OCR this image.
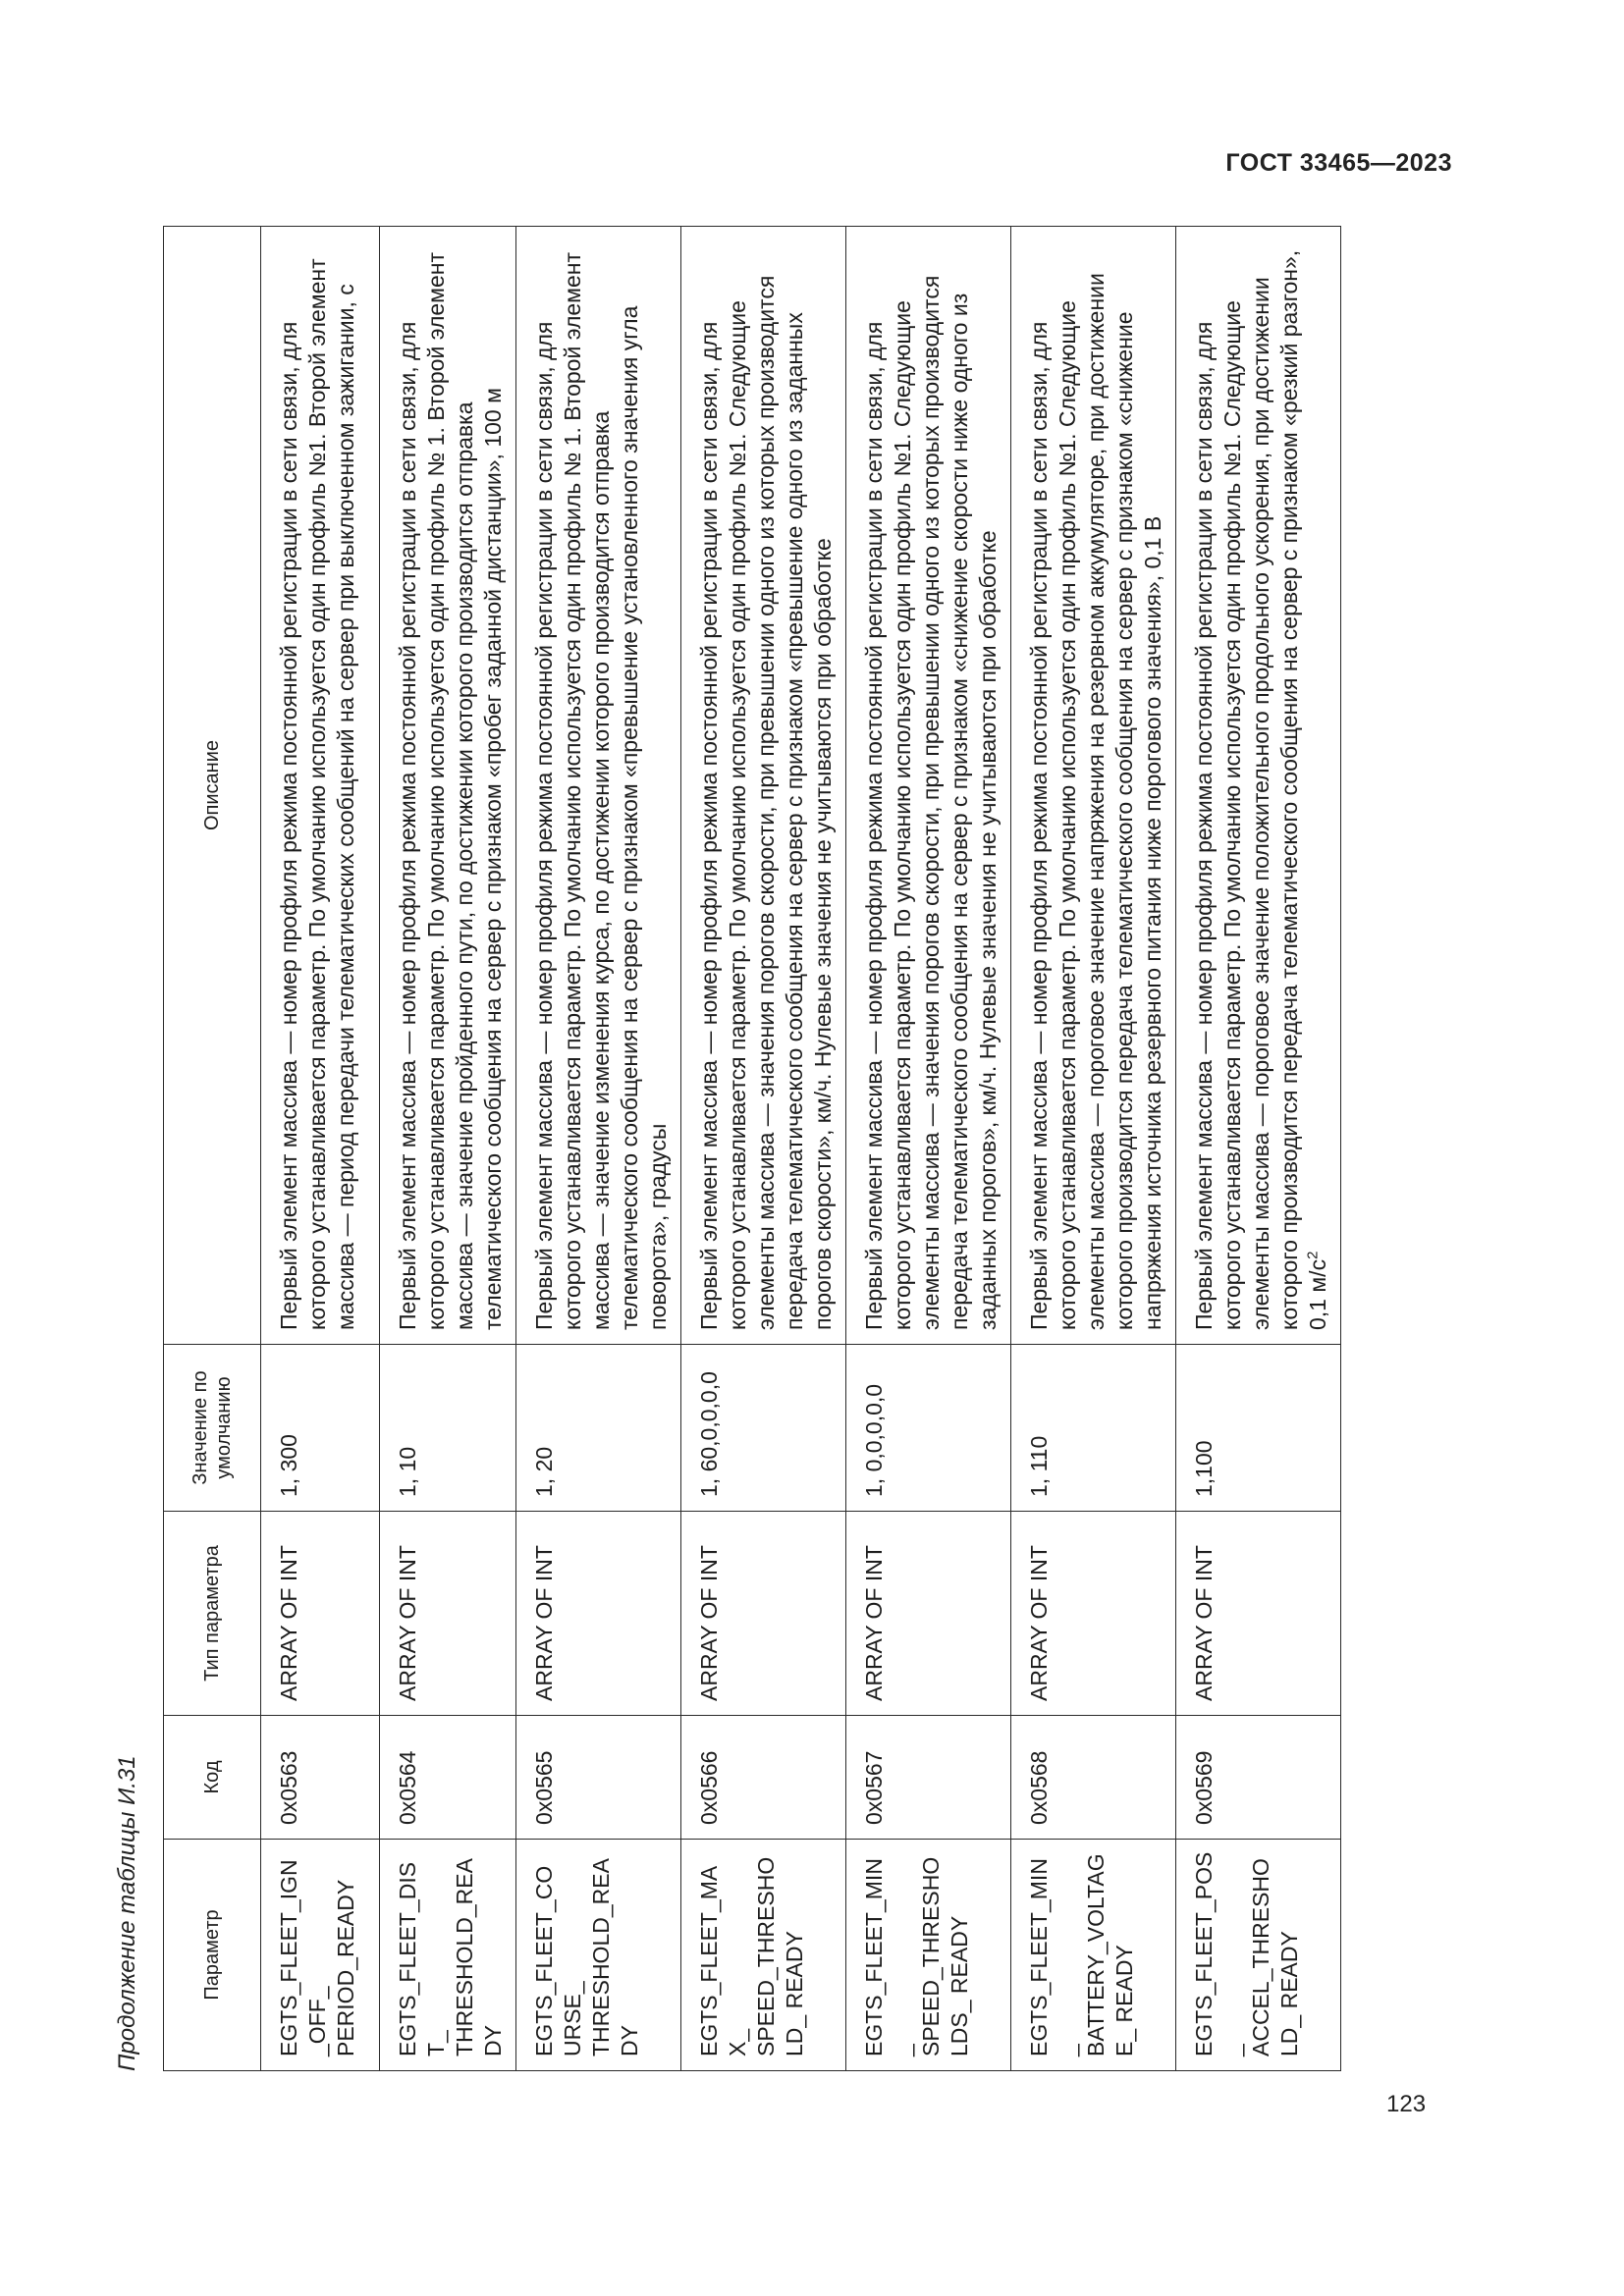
ГОСТ 33465—2023
Продолжение таблицы И.31	Параметр	Код	Тип параметра	Значение по умолчанию	Описание
EGTS_FLEET_IGN_OFF_ PERIOD_READY	0x0563	ARRAY OF INT	1, 300	Первый элемент массива — номер профиля режима постоянной регистрации в сети связи, для которого устанавливается параметр. По умолчанию используется один профиль №1. Второй элемент массива — период передачи телематических сообщений на сервер при выключенном зажигании, с
EGTS_FLEET_DIST_ THRESHOLD_READY	0x0564	ARRAY OF INT	1, 10	Первый элемент массива — номер профиля режима постоянной регистрации в сети связи, для которого устанавливается параметр. По умолчанию используется один профиль № 1. Второй элемент массива — значение пройденного пути, по достижении которого производится отправка телематического сообщения на сервер с признаком «пробег заданной дистанции», 100 м
EGTS_FLEET_COURSE_ THRESHOLD_READY	0x0565	ARRAY OF INT	1, 20	Первый элемент массива — номер профиля режима постоянной регистрации в сети связи, для которого устанавливается параметр. По умолчанию используется один профиль № 1. Второй элемент массива — значение изменения курса, по достижении которого производится отправка телематического сообщения на сервер с признаком «превышение установленного значения угла поворота», градусы
EGTS_FLEET_MAX_ SPEED_THRESHOLD_ READY	0x0566	ARRAY OF INT	1, 60,0,0,0,0	Первый элемент массива — номер профиля режима постоянной регистрации в сети связи, для которого устанавливается параметр. По умолчанию используется один профиль №1. Следующие элементы массива — значения порогов скорости, при превышении одного из которых производится передача телематического сообщения на сервер с признаком «превышение одного из заданных порогов скорости», км/ч. Нулевые значения не учитываются при обработке
EGTS_FLEET_MIN_ SPEED_THRESHOLDS_ READY	0x0567	ARRAY OF INT	1, 0,0,0,0,0	Первый элемент массива — номер профиля режима постоянной регистрации в сети связи, для которого устанавливается параметр. По умолчанию используется один профиль №1. Следующие элементы массива — значения порогов скорости, при превышении одного из которых производится передача телематического сообщения на сервер с признаком «снижение скорости ниже одного из заданных порогов», км/ч. Нулевые значения не учитываются при обработке
EGTS_FLEET_MIN_ BATTERY_VOLTAGE_ READY	0x0568	ARRAY OF INT	1, 110	Первый элемент массива — номер профиля режима постоянной регистрации в сети связи, для которого устанавливается параметр. По умолчанию используется один профиль №1. Следующие элементы массива — пороговое значение напряжения на резервном аккумуляторе, при достижении которого производится передача телематического сообщения на сервер с признаком «снижение напряжения источника резервного питания ниже порогового значения», 0,1 В
EGTS_FLEET_POS_ ACCEL_THRESHOLD_ READY	0x0569	ARRAY OF INT	1,100	Первый элемент массива — номер профиля режима постоянной регистрации в сети связи, для которого устанавливается параметр. По умолчанию используется один профиль №1. Следующие элементы массива — пороговое значение положительного продольного ускорения, при достижении которого производится передача телематического сообщения на сервер с признаком «резкий разгон», 0,1 $м/с^2$
123
